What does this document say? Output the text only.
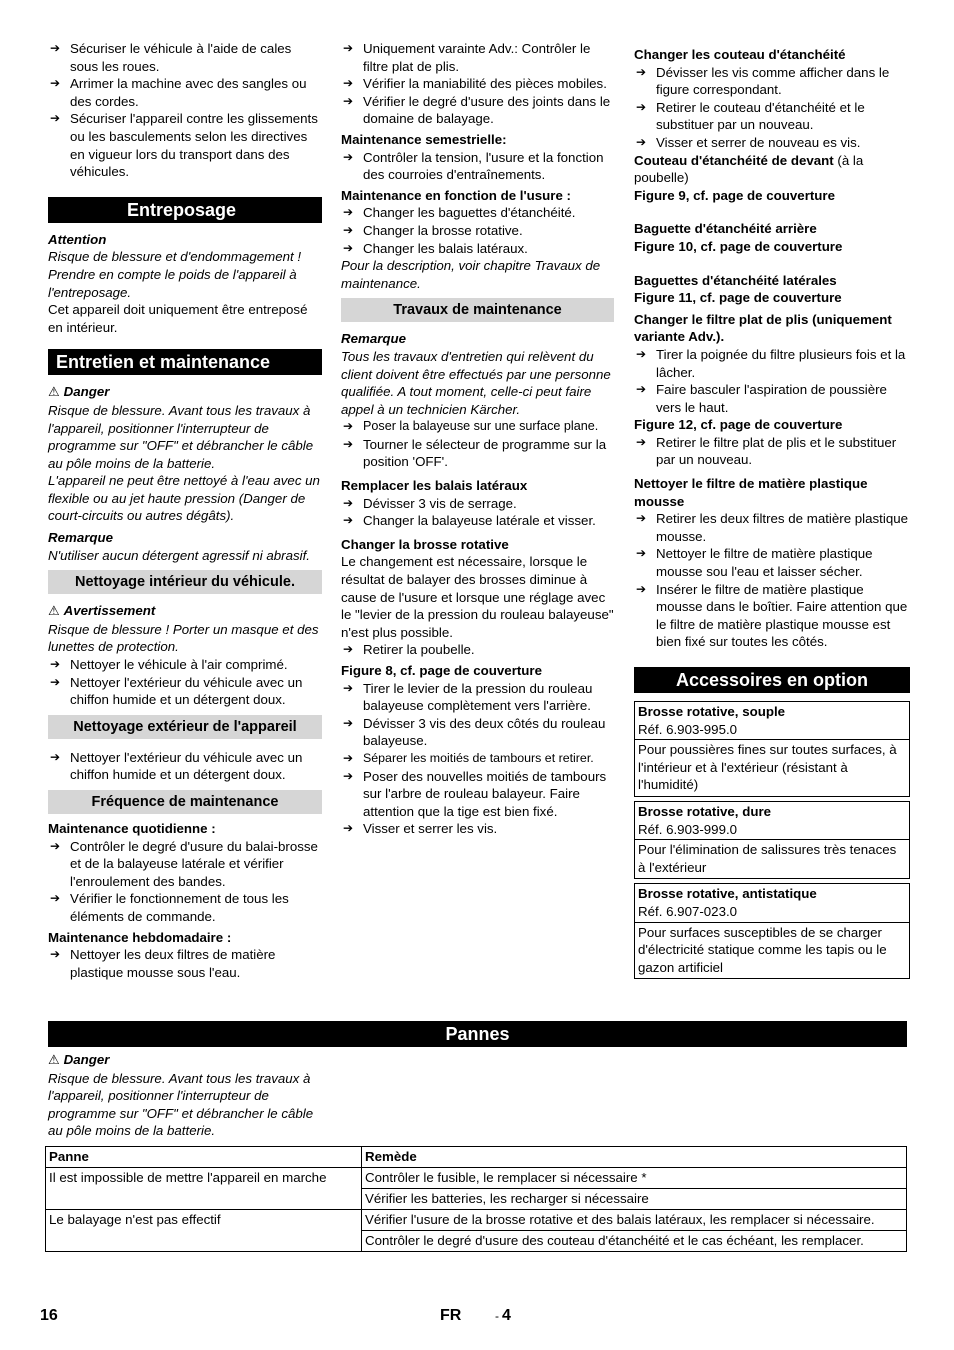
➔ Sécuriser le véhicule à l'aide de cales sous les roues.

➔ Arrimer la machine avec des sangles ou des cordes.

➔ Sécuriser l'appareil contre les glissements ou les basculements selon les directives en vigueur lors du transport dans des véhicules.

Entreposage

Attention

Risque de blessure et d'endommagement ! Prendre en compte le poids de l'appareil à l'entreposage.

Cet appareil doit uniquement être entreposé en intérieur.

Entretien et maintenance

⚠ Danger

Risque de blessure. Avant tous les travaux à l'appareil, positionner l'interrupteur de programme sur "OFF" et débrancher le câble au pôle moins de la batterie.

L'appareil ne peut être nettoyé à l'eau avec un flexible ou au jet haute pression (Danger de court-circuits ou autres dégâts).

Remarque

N'utiliser aucun détergent agressif ni abrasif.

Nettoyage intérieur du véhicule.

⚠ Avertissement

Risque de blessure ! Porter un masque et des lunettes de protection.

➔ Nettoyer le véhicule à l'air comprimé.

➔ Nettoyer l'extérieur du véhicule avec un chiffon humide et un détergent doux.

Nettoyage extérieur de l'appareil

➔ Nettoyer l'extérieur du véhicule avec un chiffon humide et un détergent doux.

Fréquence de maintenance

Maintenance quotidienne :

➔ Contrôler le degré d'usure du balai-brosse et de la balayeuse latérale et vérifier l'enroulement des bandes.

➔ Vérifier le fonctionnement de tous les éléments de commande.

Maintenance hebdomadaire :

➔ Nettoyer les deux filtres de matière plastique mousse sous l'eau.

➔ Uniquement varainte Adv.: Contrôler le filtre plat de plis.

➔ Vérifier la maniabilité des pièces mobiles.

➔ Vérifier le degré d'usure des joints dans le domaine de balayage.

Maintenance semestrielle:

➔ Contrôler la tension, l'usure et la fonction des courroies d'entraînements.

Maintenance en fonction de l'usure :

➔ Changer les baguettes d'étanchéité.

➔ Changer la brosse rotative.

➔ Changer les balais latéraux.

Pour la description, voir chapitre Travaux de maintenance.

Travaux de maintenance

Remarque

Tous les travaux d'entretien qui relèvent du client doivent être effectués par une personne qualifiée. A tout moment, celle-ci peut faire appel à un technicien Kärcher.

➔ Poser la balayeuse sur une surface plane.

➔ Tourner le sélecteur de programme sur la position 'OFF'.

Remplacer les balais latéraux

➔ Dévisser 3 vis de serrage.

➔ Changer la balayeuse latérale et visser.

Changer la brosse rotative

Le changement est nécessaire, lorsque le résultat de balayer des brosses diminue à cause de l'usure et lorsque une réglage avec le "levier de la pression du rouleau balayeuse" n'est plus possible.

➔ Retirer la poubelle.

Figure 8, cf. page de couverture

➔ Tirer le levier de la pression du rouleau balayeuse complètement vers l'arrière.

➔ Dévisser 3 vis des deux côtés du rouleau balayeuse.

➔ Séparer les moitiés de tambours et retirer.

➔ Poser des nouvelles moitiés de tambours sur l'arbre de rouleau balayeur. Faire attention que la tige est bien fixé.

➔ Visser et serrer les vis.

Changer les couteau d'étanchéité

➔ Dévisser les vis comme afficher dans le figure correspondant.

➔ Retirer le couteau d'étanchéité et le substituer par un nouveau.

➔ Visser et serrer de nouveau es vis.

Couteau d'étanchéité de devant (à la poubelle)

Figure 9, cf. page de couverture

Baguette d'étanchéité arrière

Figure 10, cf. page de couverture

Baguettes d'étanchéité latérales

Figure 11, cf. page de couverture

Changer le filtre plat de plis (uniquement variante Adv.).

➔ Tirer la poignée du filtre plusieurs fois et la lâcher.

➔ Faire basculer l'aspiration de poussière vers le haut.

Figure 12, cf. page de couverture

➔ Retirer le filtre plat de plis et le substituer par un nouveau.

Nettoyer le filtre de matière plastique mousse

➔ Retirer les deux filtres de matière plastique mousse.

➔ Nettoyer le filtre de matière plastique mousse sou l'eau et laisser sécher.

➔ Insérer le filtre de matière plastique mousse dans le boîtier. Faire attention que le filtre de matière plastique mousse est bien fixé sur toutes les côtés.

Accessoires en option

Brosse rotative, souple

Réf. 6.903-995.0

Pour poussières fines sur toutes surfaces, à l'intérieur et à l'extérieur (résistant à l'humidité)

Brosse rotative, dure

Réf. 6.903-999.0

Pour l'élimination de salissures très tenaces à l'extérieur

Brosse rotative, antistatique

Réf. 6.907-023.0

Pour surfaces susceptibles de se charger d'électricité statique comme les tapis ou le gazon artificiel
Pannes

⚠ Danger

Risque de blessure. Avant tous les travaux à l'appareil, positionner l'interrupteur de programme sur "OFF" et débrancher le câble au pôle moins de la batterie.

Panne	Remède
Il est impossible de mettre l'appareil en marche	Contrôler le fusible, le remplacer si nécessaire *
	Vérifier les batteries, les recharger si nécessaire
Le balayage n'est pas effectif	Vérifier l'usure de la brosse rotative et des balais latéraux, les remplacer si nécessaire.
	Contrôler le degré d'usure des couteau d'étanchéité et le cas échéant, les remplacer.
16	FR	- 4
